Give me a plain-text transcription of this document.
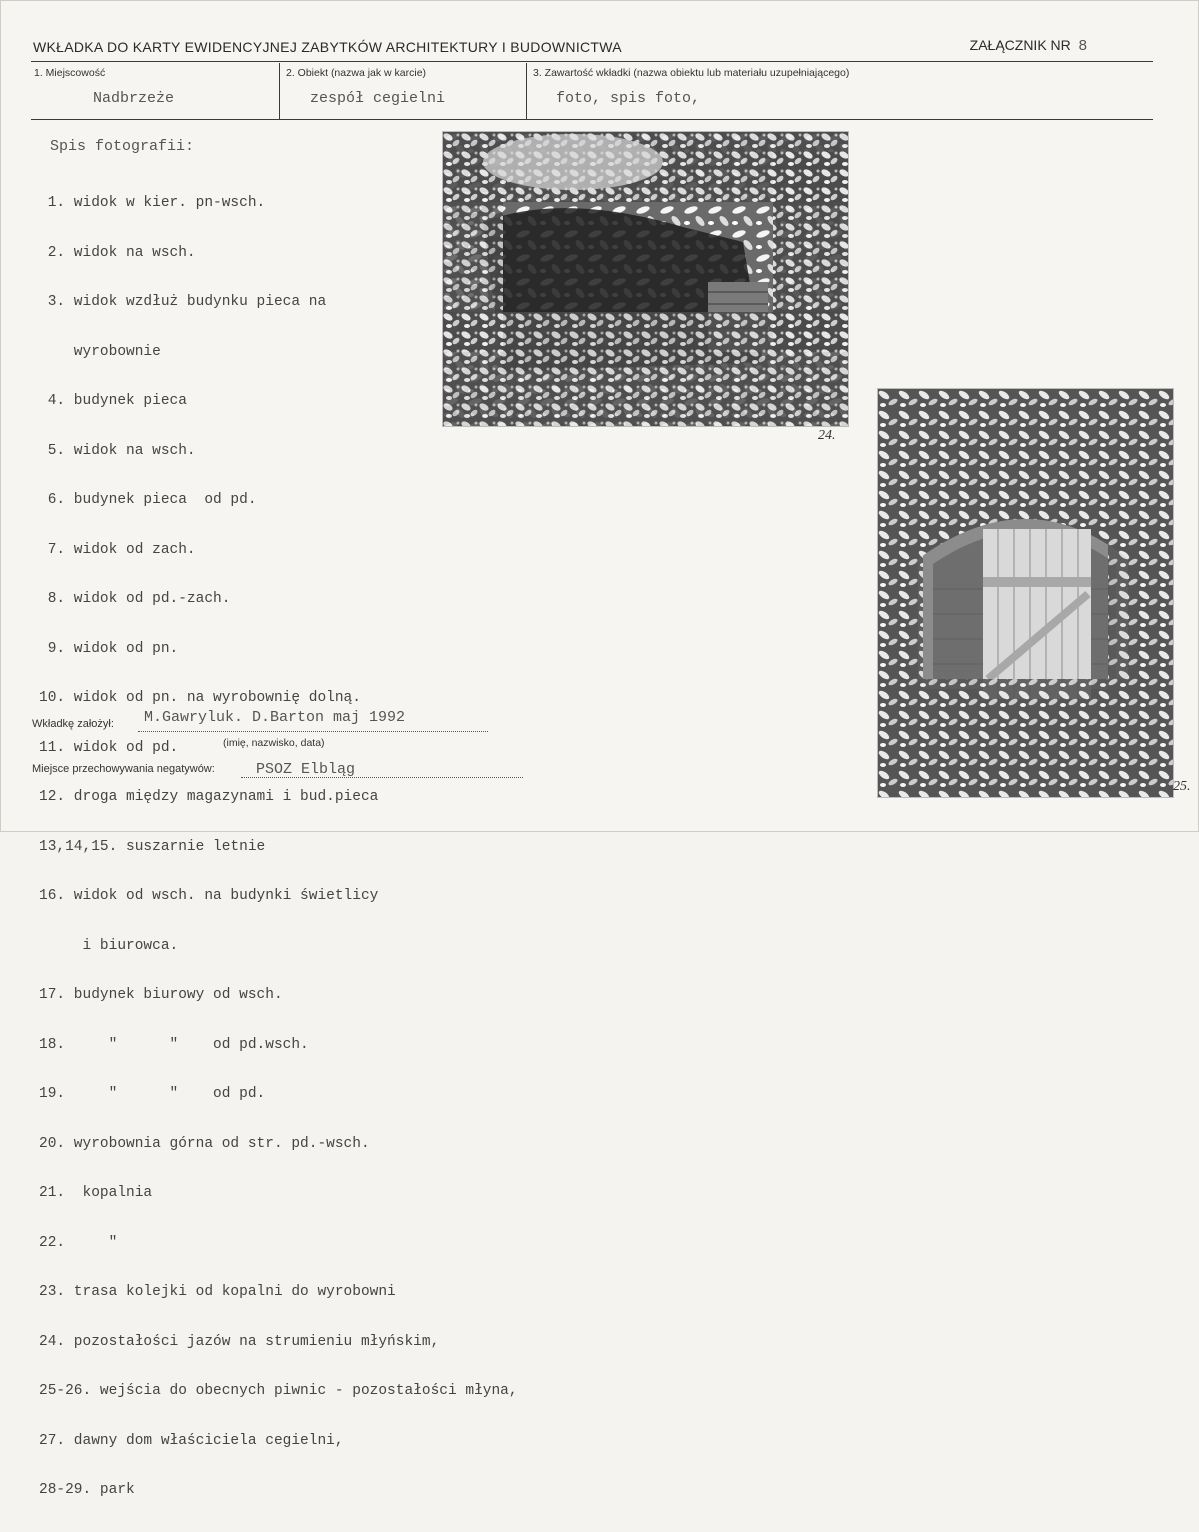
WKŁADKA DO KARTY EWIDENCYJNEJ ZABYTKÓW ARCHITEKTURY I BUDOWNICTWA	ZAŁĄCZNIK NR 8
1. Miejscowość
Nadbrzeże
2. Obiekt (nazwa jak w karcie)
zespół cegielni
3. Zawartość wkładki (nazwa obiektu lub materiału uzupełniającego)
foto, spis foto,
Spis fotografii:

1. widok w kier. pn-wsch.

2. widok na wsch.

3. widok wzdłuż budynku pieca na

wyrobownie

4. budynek pieca

5. widok na wsch.

6. budynek pieca  od pd.

7. widok od zach.

8. widok od pd.-zach.

9. widok od pn.

10. widok od pn. na wyrobownię dolną.

11. widok od pd.

12. droga między magazynami i bud.pieca

13,14,15. suszarnie letnie

16. widok od wsch. na budynki świetlicy

i biurowca.

17. budynek biurowy od wsch.

18.     "      "    od pd.wsch.

19.     "      "    od pd.

20. wyrobownia górna od str. pd.-wsch.

21.  kopalnia

22.     "

23. trasa kolejki od kopalni do wyrobowni

24. pozostałości jazów na strumieniu młyńskim,

25-26. wejścia do obecnych piwnic - pozostałości młyna,

27. dawny dom właściciela cegielni,

28-29. park

24.
25.
Wkładkę założył: M.Gawryluk. D.Barton maj 1992
(imię, nazwisko, data)
Miejsce przechowywania negatywów:	PSOZ Elbląg
